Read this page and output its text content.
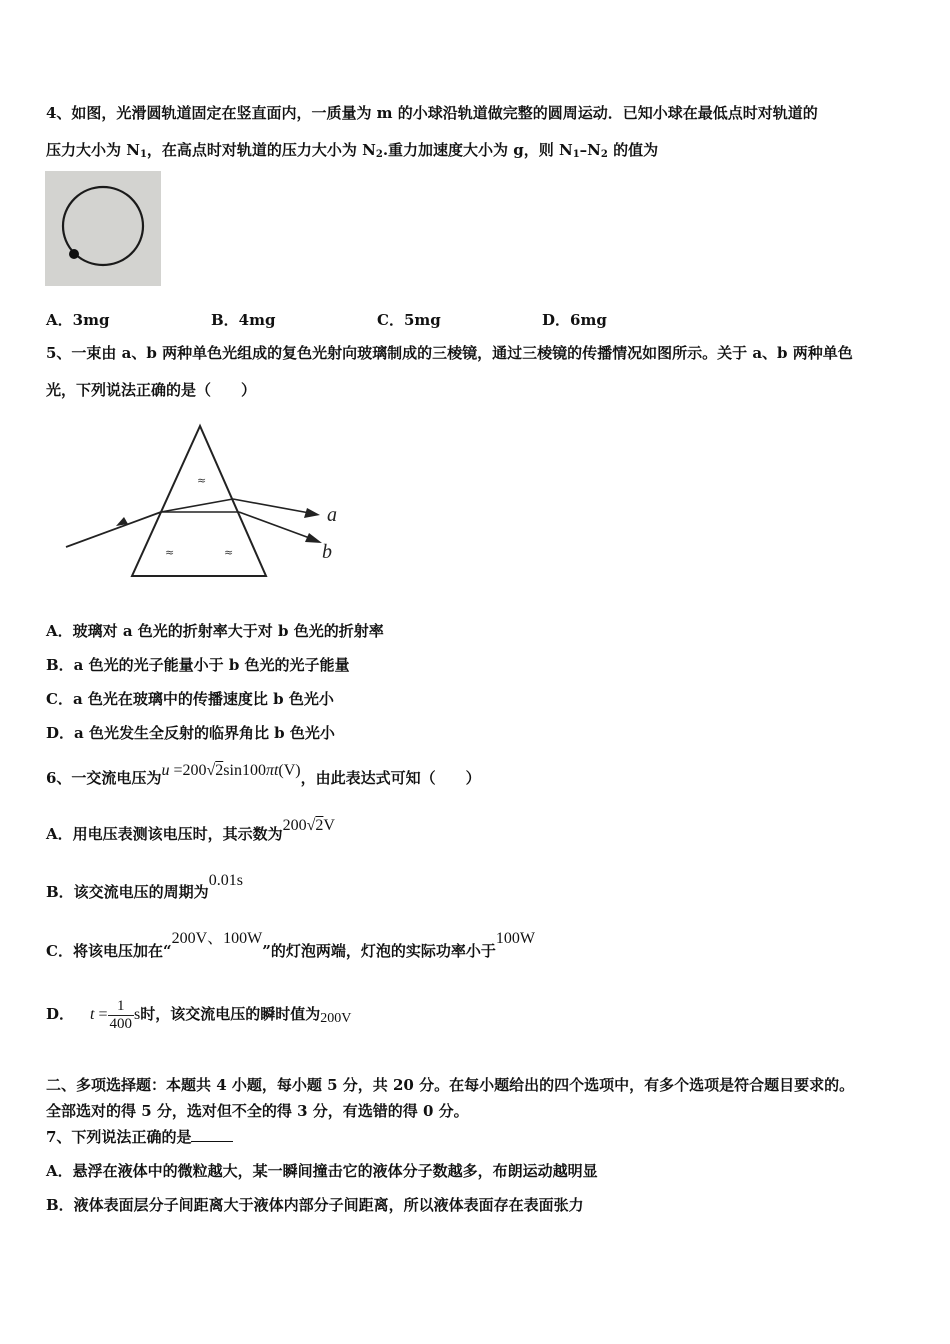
4、如图，光滑圆轨道固定在竖直面内，一质量为 m 的小球沿轨道做完整的圆周运动．已知小球在最低点时对轨道的
压力大小为 $N_1$，在高点时对轨道的压力大小为 $N_2$.重力加速度大小为 g，则 $N_1-N_2$ 的值为
A．3mg	B．4mg	C．5mg	D．6mg
5、一束由 a、b 两种单色光组成的复色光射向玻璃制成的三棱镜，通过三棱镜的传播情况如图所示。关于 a、b 两种单色
光，下列说法正确的是（　　）
≈
≈	≈
a
b
A．玻璃对 a 色光的折射率大于对 b 色光的折射率
B．a 色光的光子能量小于 b 色光的光子能量
C．a 色光在玻璃中的传播速度比 b 色光小
D．a 色光发生全反射的临界角比 b 色光小
6、一交流电压为u =200√2sin100πt(V)，由此表达式可知（　　）
A．用电压表测该电压时，其示数为200√2V
B．该交流电压的周期为0.01s
C．将该电压加在“200V、100W”的灯泡两端，灯泡的实际功率小于100W
D． $t = \frac{1}{400}$ s时，该交流电压的瞬时值为200V
二、多项选择题：本题共 4 小题，每小题 5 分，共 20 分。在每小题给出的四个选项中，有多个选项是符合题目要求的。
全部选对的得 5 分，选对但不全的得 3 分，有选错的得 0 分。
7、下列说法正确的是
A．悬浮在液体中的微粒越大，某一瞬间撞击它的液体分子数越多，布朗运动越明显
B．液体表面层分子间距离大于液体内部分子间距离，所以液体表面存在表面张力
